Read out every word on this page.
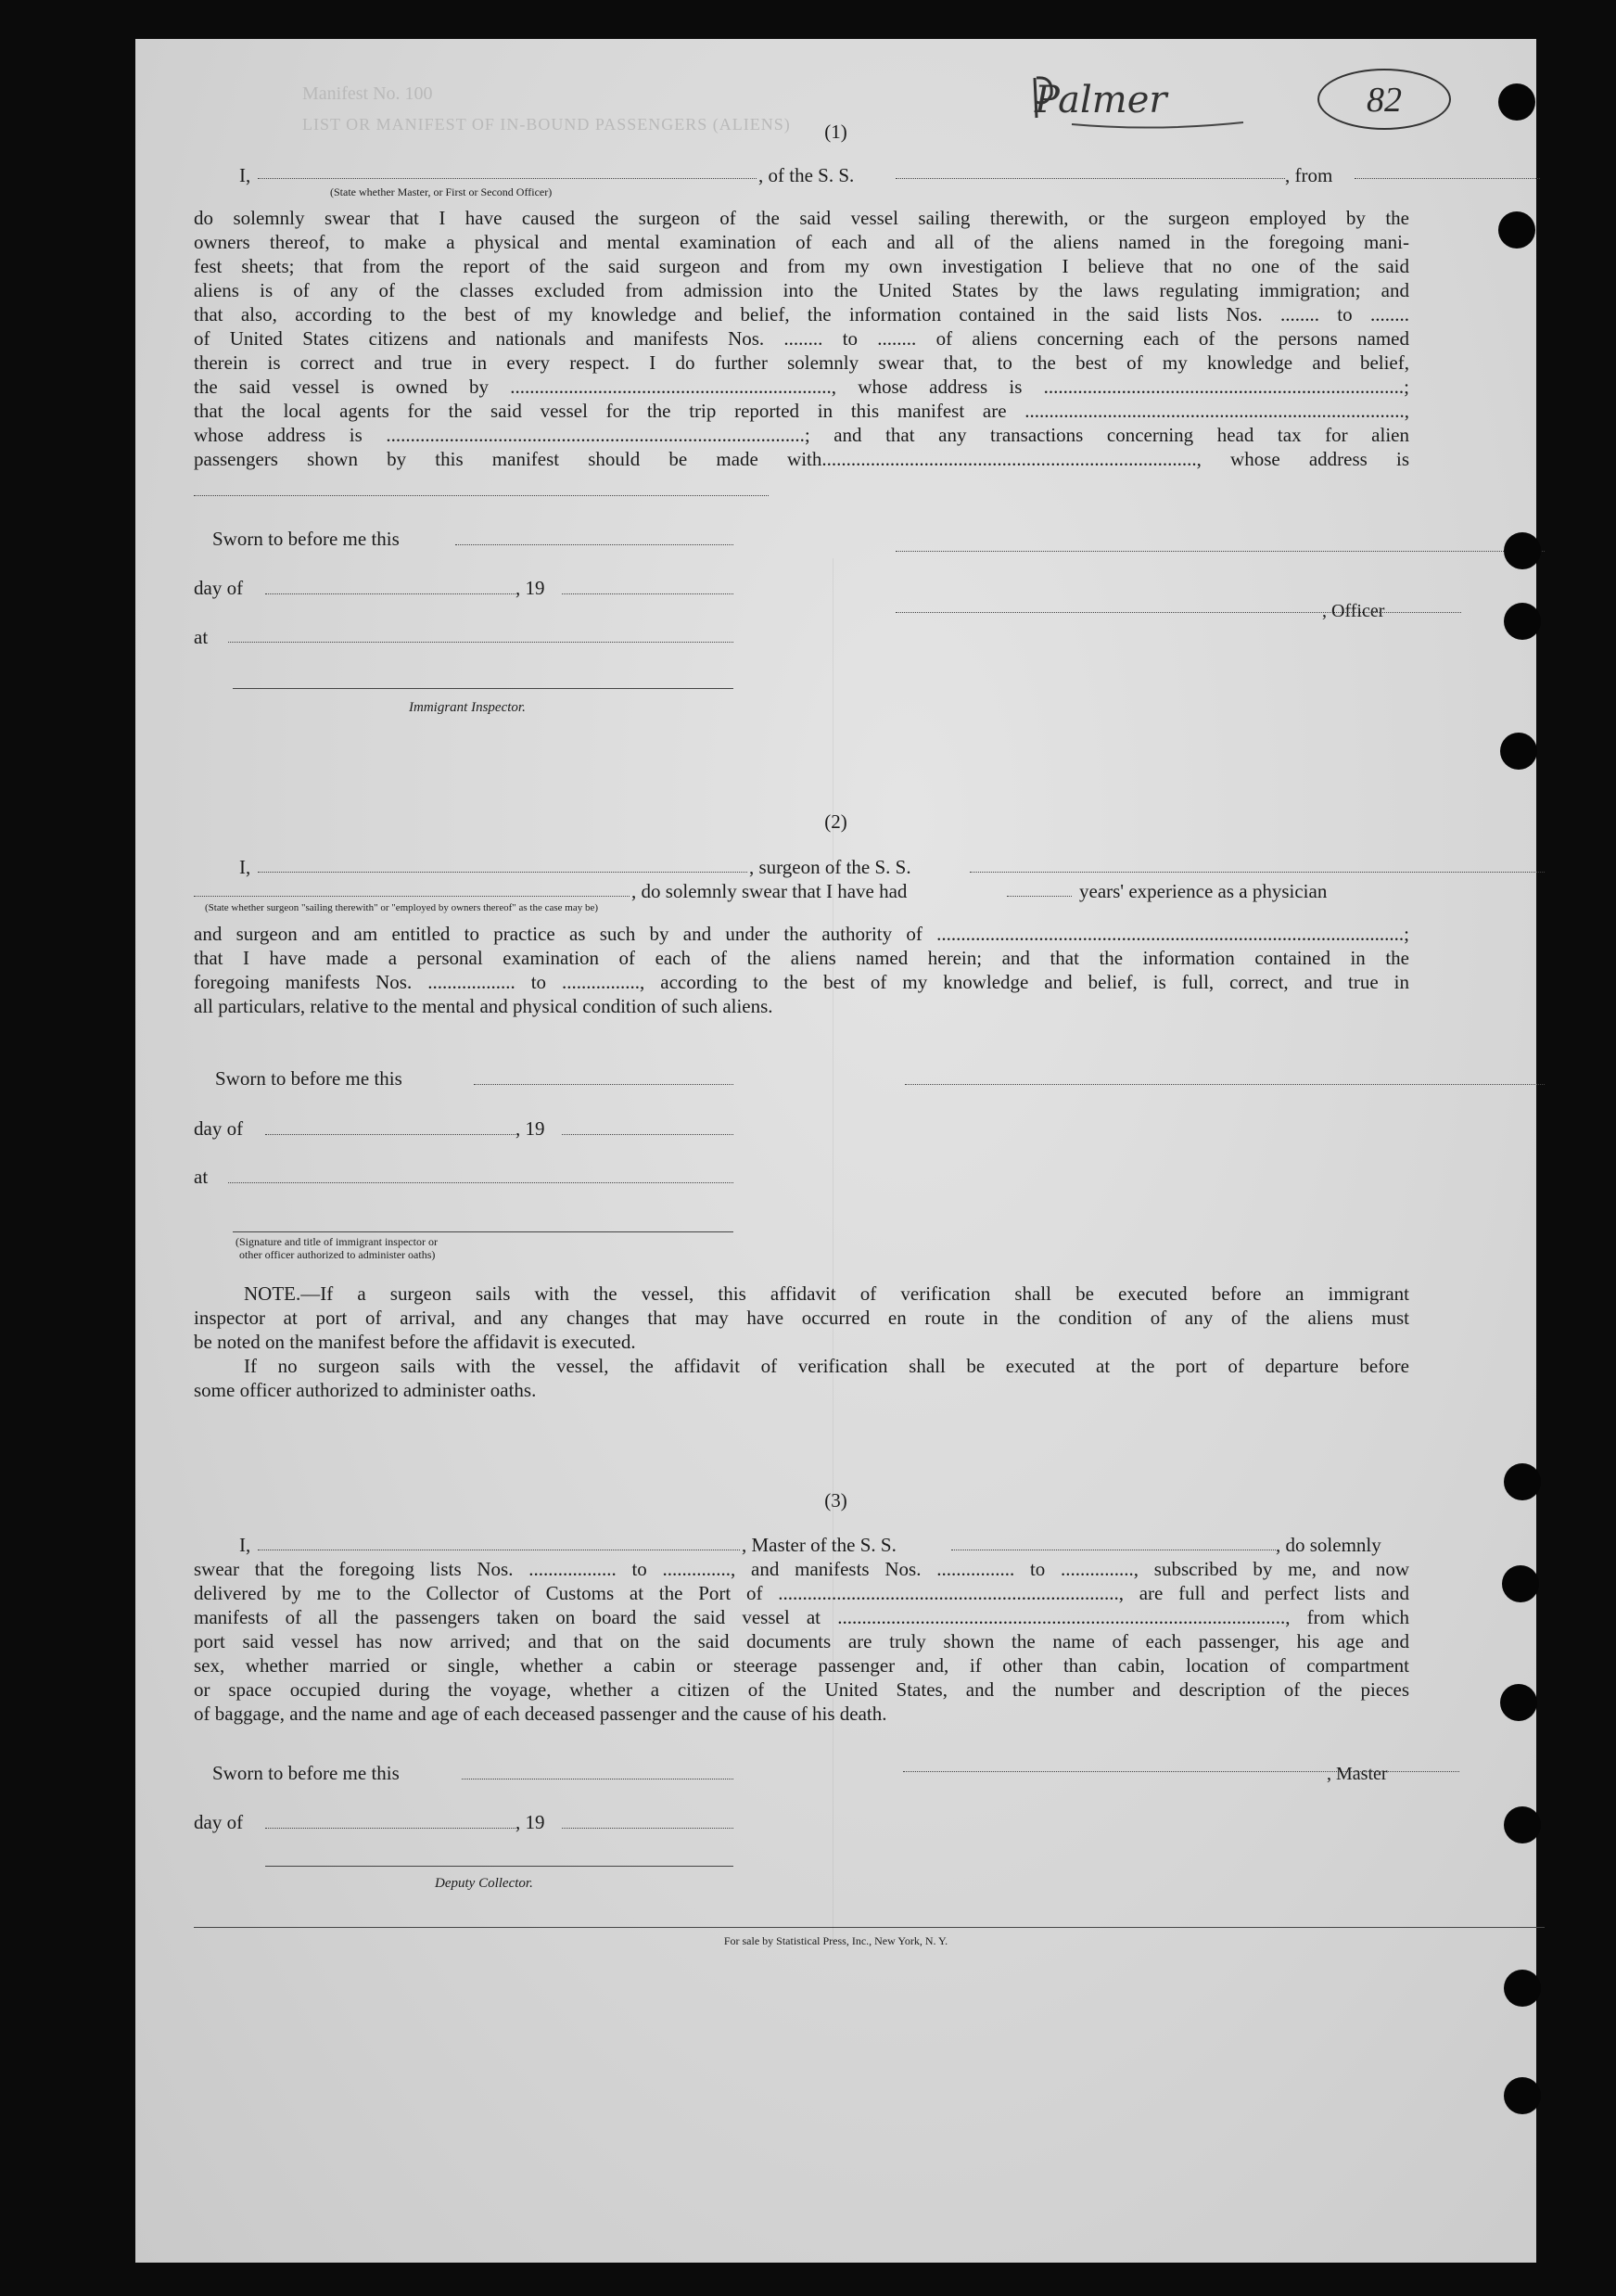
Manifest No. 100
LIST OR MANIFEST OF IN-BOUND PASSENGERS (ALIENS)
Palmer	82
(1)
I,	, of the S. S.	, from
(State whether Master, or First or Second Officer)
do solemnly swear that I have caused the surgeon of the said vessel sailing therewith, or the surgeon employed by the
owners thereof, to make a physical and mental examination of each and all of the aliens named in the foregoing mani-
fest sheets; that from the report of the said surgeon and from my own investigation I believe that no one of the said
aliens is of any of the classes excluded from admission into the United States by the laws regulating immigration; and
that also, according to the best of my knowledge and belief, the information contained in the said lists Nos. ........ to ........
of United States citizens and nationals and manifests Nos. ........ to ........ of aliens concerning each of the persons named
therein is correct and true in every respect. I do further solemnly swear that, to the best of my knowledge and belief,
the said vessel is owned by .................................................................., whose address is ..........................................................................;
that the local agents for the said vessel for the trip reported in this manifest are ..............................................................................,
whose address is ......................................................................................; and that any transactions concerning head tax for alien
passengers shown by this manifest should be made with............................................................................., whose address is
Sworn to before me this
day of	, 19
, Officer
at
Immigrant Inspector.
(2)
I,	, surgeon of the S. S.
, do solemnly swear that I have had	years' experience as a physician
(State whether surgeon "sailing therewith" or "employed by owners thereof" as the case may be)
and surgeon and am entitled to practice as such by and under the authority of ................................................................................................;
that I have made a personal examination of each of the aliens named herein; and that the information contained in the
foregoing manifests Nos. .................. to ................, according to the best of my knowledge and belief, is full, correct, and true in
all particulars, relative to the mental and physical condition of such aliens.
Sworn to before me this
day of	, 19
at
(Signature and title of immigrant inspector or
other officer authorized to administer oaths)
NOTE.—If a surgeon sails with the vessel, this affidavit of verification shall be executed before an immigrant
inspector at port of arrival, and any changes that may have occurred en route in the condition of any of the aliens must
be noted on the manifest before the affidavit is executed.
If no surgeon sails with the vessel, the affidavit of verification shall be executed at the port of departure before
some officer authorized to administer oaths.
(3)
I,	, Master of the S. S.	, do solemnly
swear that the foregoing lists Nos. .................. to .............., and manifests Nos. ................ to ..............., subscribed by me, and now
delivered by me to the Collector of Customs at the Port of ......................................................................, are full and perfect lists and
manifests of all the passengers taken on board the said vessel at ............................................................................................, from which
port said vessel has now arrived; and that on the said documents are truly shown the name of each passenger, his age and
sex, whether married or single, whether a cabin or steerage passenger and, if other than cabin, location of compartment
or space occupied during the voyage, whether a citizen of the United States, and the number and description of the pieces
of baggage, and the name and age of each deceased passenger and the cause of his death.
Sworn to before me this	, Master
day of	, 19
Deputy Collector.
For sale by Statistical Press, Inc., New York, N. Y.
